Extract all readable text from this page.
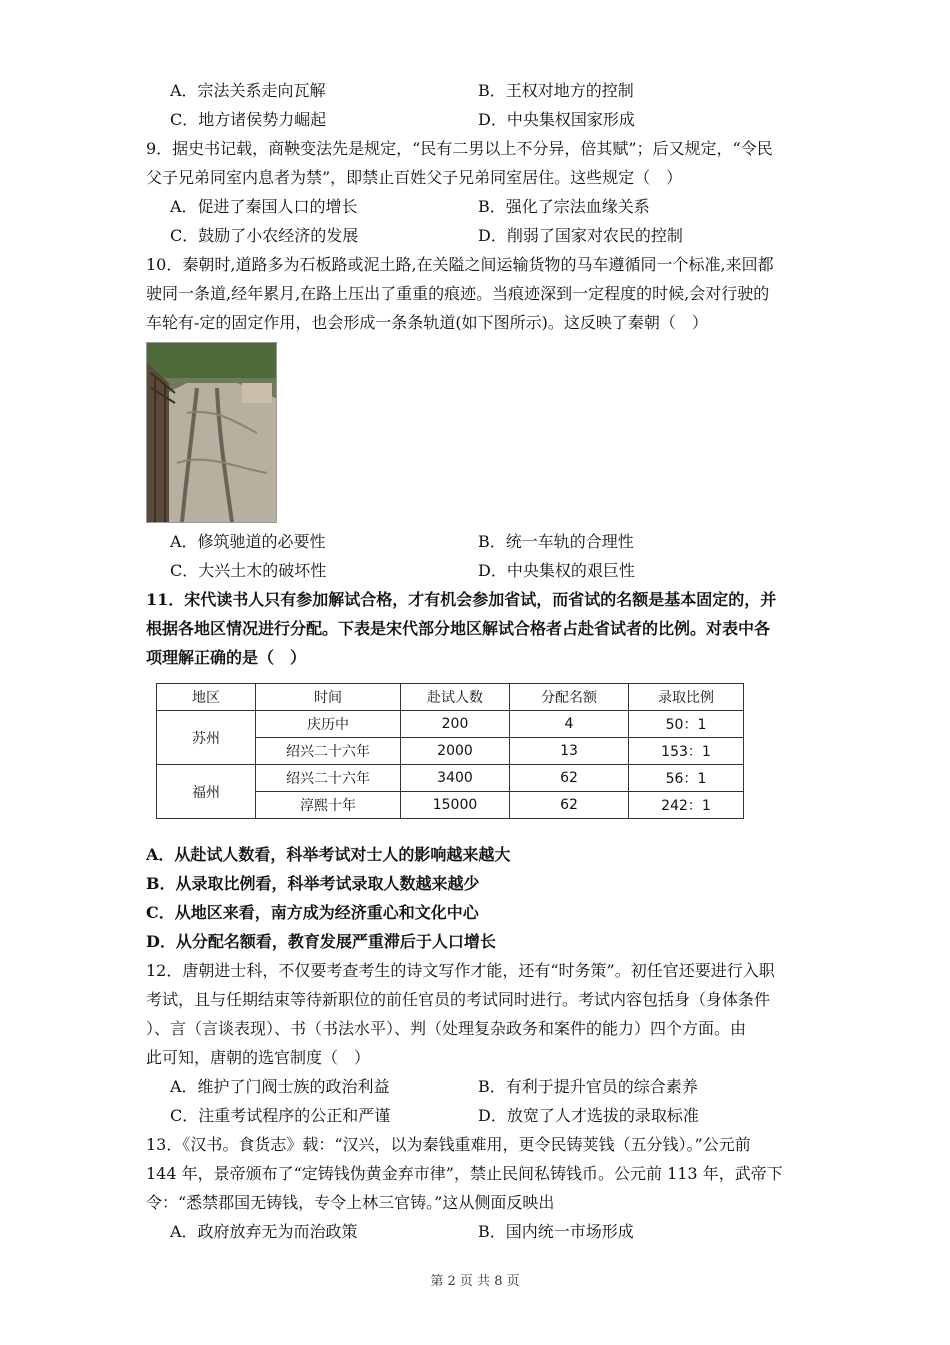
A．宗法关系走向瓦解	B．王权对地方的控制
C．地方诸侯势力崛起	D．中央集权国家形成
9．据史书记载，商鞅变法先是规定，“民有二男以上不分异，倍其赋”；后又规定，“令民
父子兄弟同室内息者为禁”，即禁止百姓父子兄弟同室居住。这些规定（　）
A．促进了秦国人口的增长	B．强化了宗法血缘关系
C．鼓励了小农经济的发展	D．削弱了国家对农民的控制
10．秦朝时,道路多为石板路或泥土路,在关隘之间运输货物的马车遵循同一个标准,来回都
驶同一条道,经年累月,在路上压出了重重的痕迹。当痕迹深到一定程度的时候,会对行驶的
车轮有-定的固定作用，也会形成一条条轨道(如下图所示)。这反映了秦朝（　）
A．修筑驰道的必要性	B．统一车轨的合理性
C．大兴土木的破坏性	D．中央集权的艰巨性
11．宋代读书人只有参加解试合格，才有机会参加省试，而省试的名额是基本固定的，并
根据各地区情况进行分配。下表是宋代部分地区解试合格者占赴省试者的比例。对表中各
项理解正确的是（　）
地区	时间	赴试人数	分配名额	录取比例
苏州	庆历中	200	4	50：1
	绍兴二十六年	2000	13	153：1
福州	绍兴二十六年	3400	62	56：1
	淳熙十年	15000	62	242：1
A．从赴试人数看，科举考试对士人的影响越来越大
B．从录取比例看，科举考试录取人数越来越少
C．从地区来看，南方成为经济重心和文化中心
D．从分配名额看，教育发展严重滞后于人口增长
12．唐朝进士科，不仅要考查考生的诗文写作才能，还有“时务策”。初任官还要进行入职
考试，且与任期结束等待新职位的前任官员的考试同时进行。考试内容包括身（身体条件
）、言（言谈表现）、书（书法水平）、判（处理复杂政务和案件的能力）四个方面。由
此可知，唐朝的选官制度（　）
A．维护了门阀士族的政治利益	B．有利于提升官员的综合素养
C．注重考试程序的公正和严谨	D．放宽了人才选拔的录取标准
13．《汉书。食货志》载：“汉兴，以为秦钱重难用，更令民铸荚钱（五分钱）。”公元前
144 年，景帝颁布了“定铸钱伪黄金弃市律”，禁止民间私铸钱币。公元前 113 年，武帝下
令：“悉禁郡国无铸钱，专令上林三官铸。”这从侧面反映出
A．政府放弃无为而治政策	B．国内统一市场形成
第 2 页 共 8 页
